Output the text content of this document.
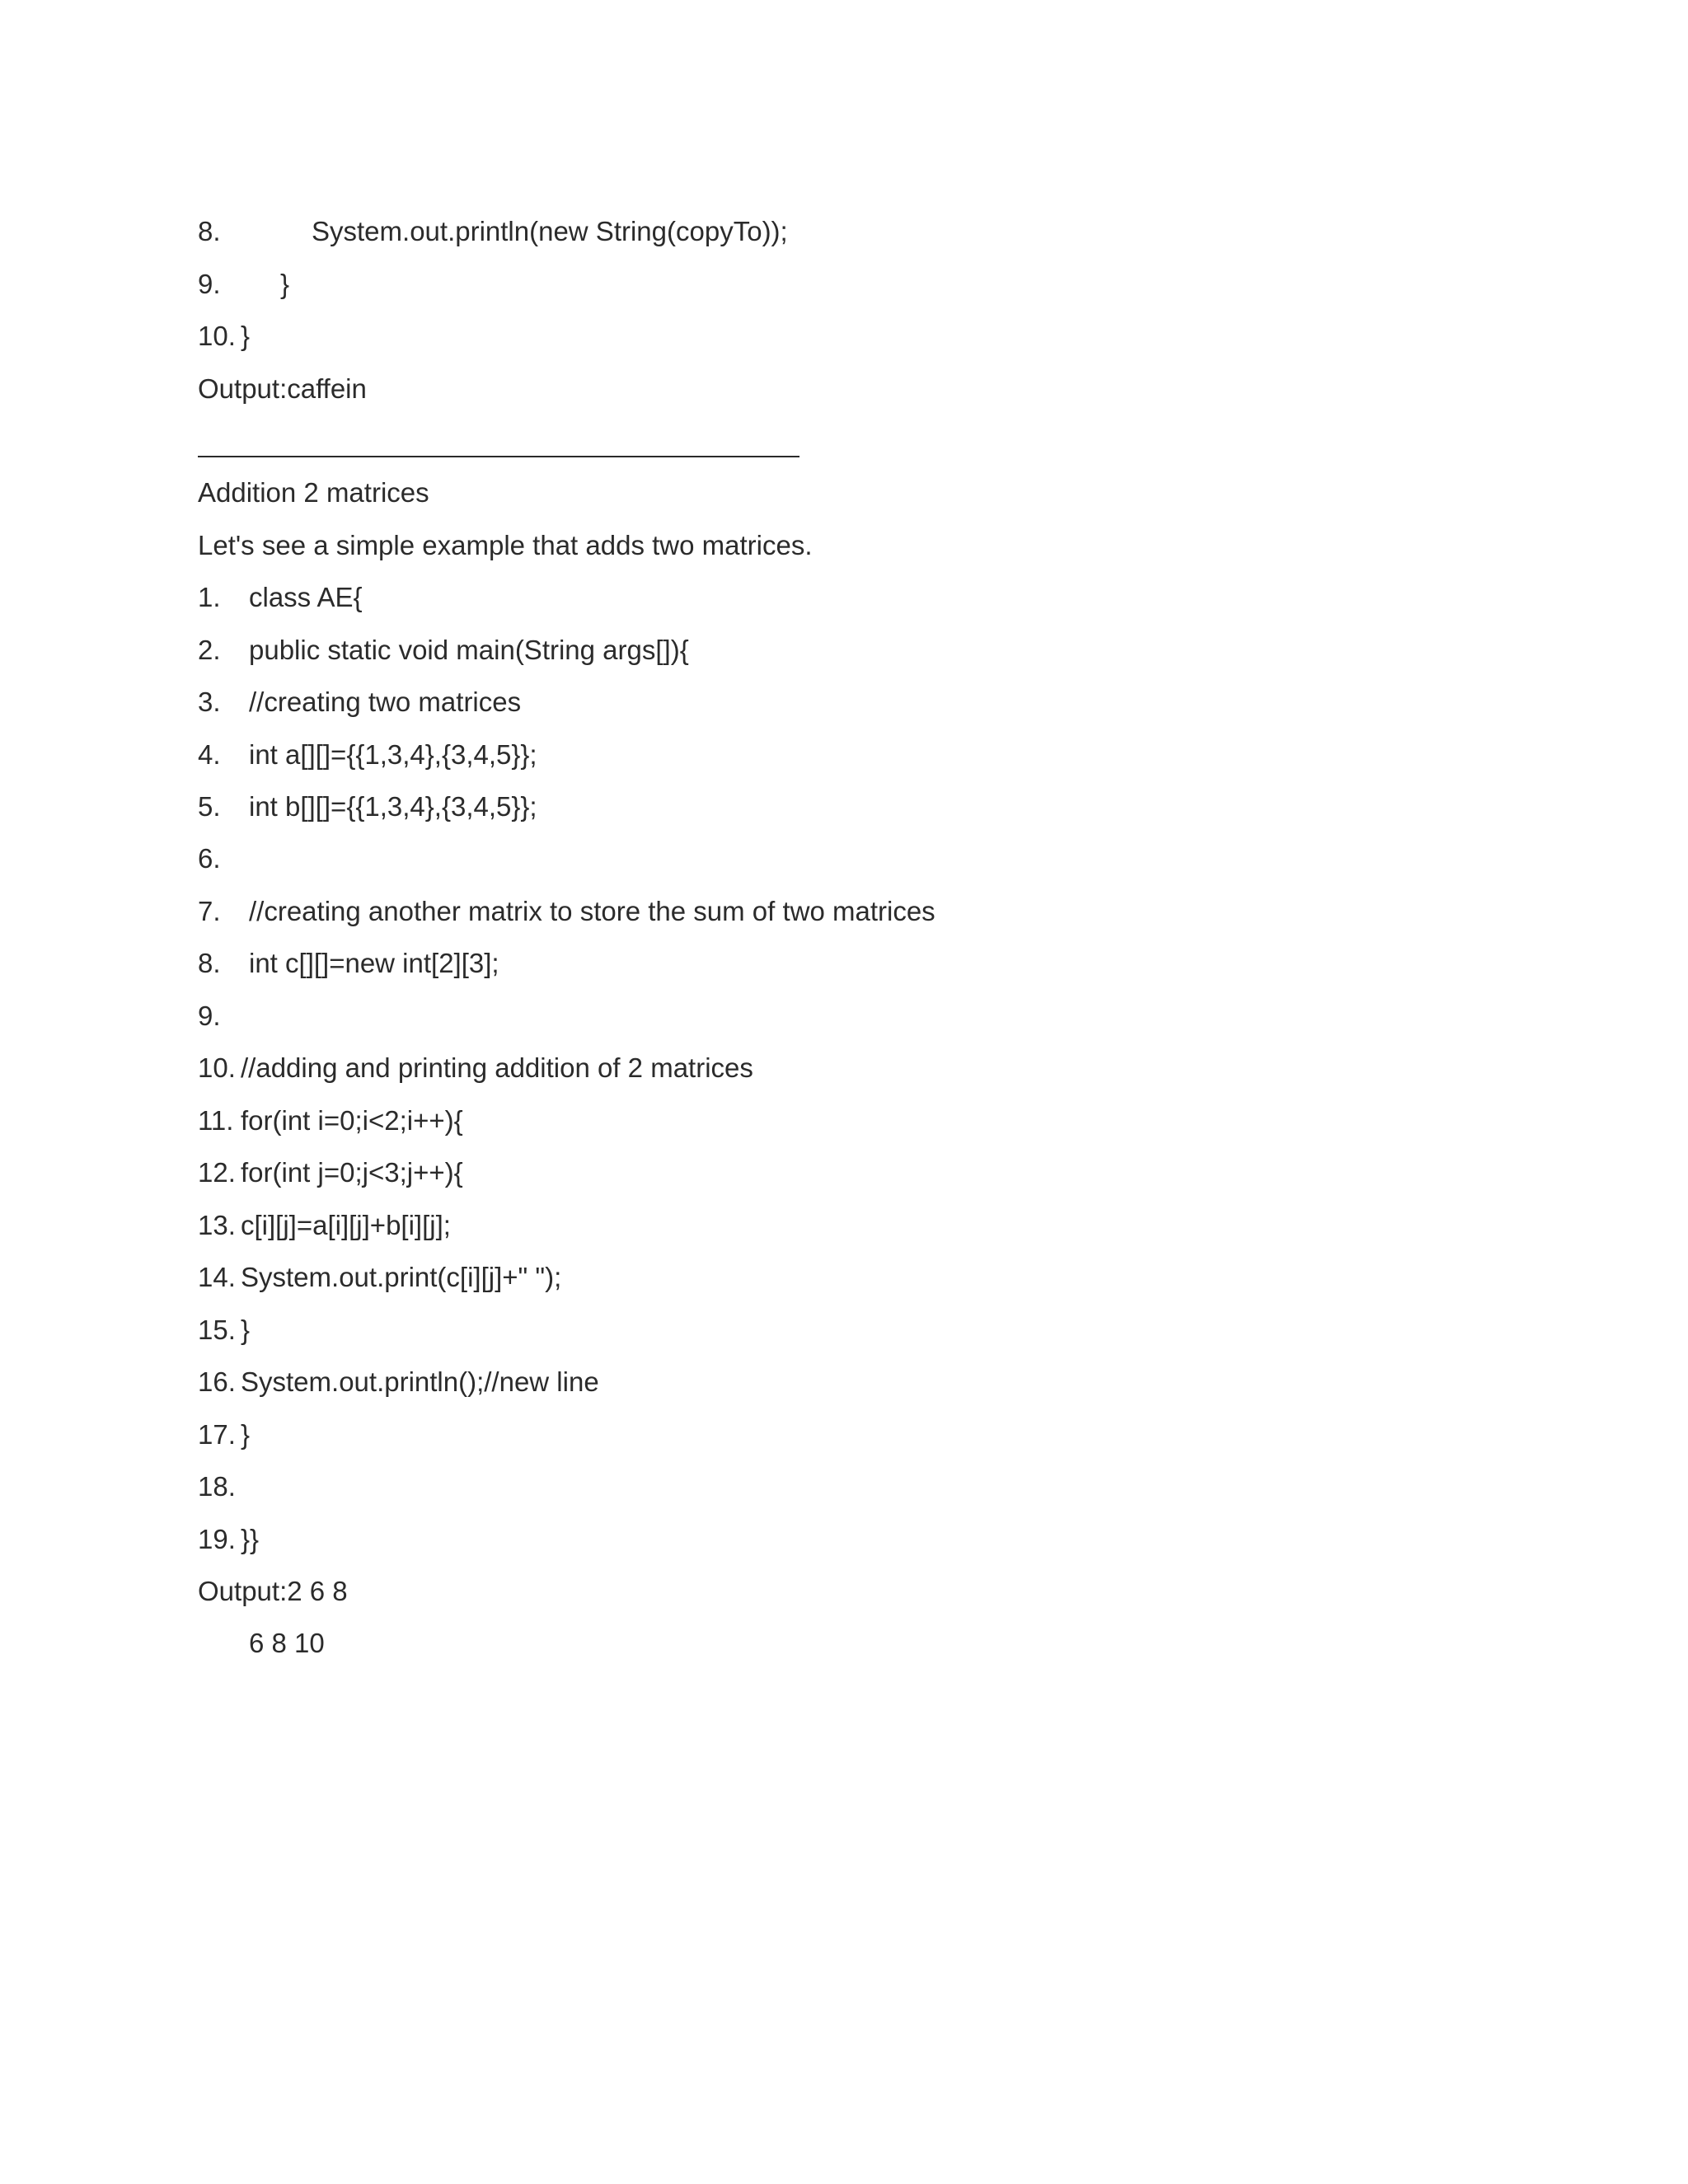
8.

	System.out.println(new String(copyTo));

9.

}

10.

}

Output:caffein
Addition 2 matrices
Let's see a simple example that adds two matrices.

1.

class AE{

2.

public static void main(String args[]){

3.

//creating two matrices

4.

int a[][]={{1,3,4},{3,4,5}};

5.

int b[][]={{1,3,4},{3,4,5}};

6.

7.

//creating another matrix to store the sum of two matrices

8.

int c[][]=new int[2][3];

9.

10.

//adding and printing addition of 2 matrices

11.

for(int i=0;i<2;i++){

12.

for(int j=0;j<3;j++){

13.

c[i][j]=a[i][j]+b[i][j];

14.

System.out.print(c[i][j]+" ");

15.

}

16.

System.out.println();//new line

17.

}

18.

19.

}}

Output:2 6 8
6 8 10
